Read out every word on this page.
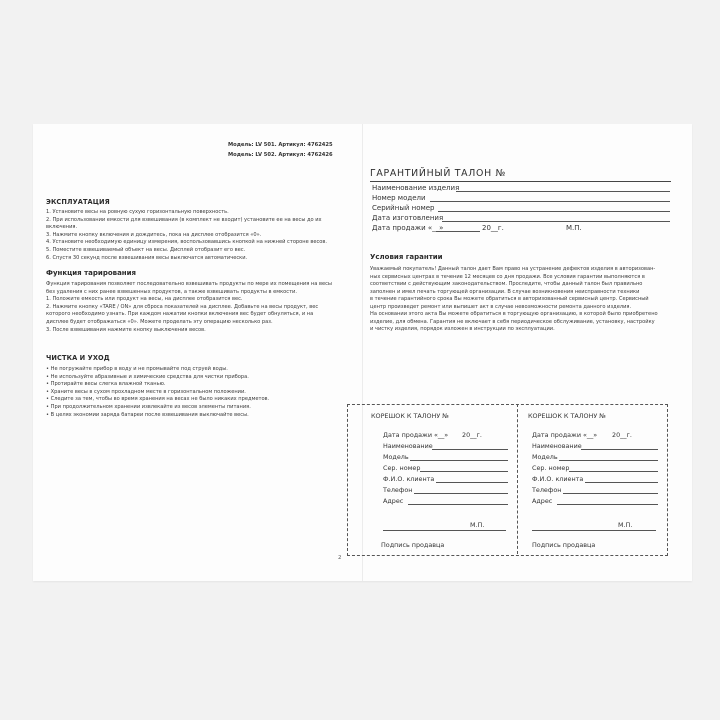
Модель: LV 501. Артикул: 4762425
Модель: LV 502. Артикул: 4762426
ЭКСПЛУАТАЦИЯ
1. Установите весы на ровную сухую горизонтальную поверхность.
2. При использовании емкости для взвешивания (в комплект не входит) установите ее на весы до их
включения.
3. Нажмите кнопку включения и дождитесь, пока на дисплее отобразится «0».
4. Установите необходимую единицу измерения, воспользовавшись кнопкой на нижней стороне весов.
5. Поместите взвешиваемый объект на весы. Дисплей отобразит его вес.
6. Спустя 30 секунд после взвешивания весы выключатся автоматически.
Функция тарирования
Функция тарирования позволяет последовательно взвешивать продукты по мере их помещения на весы
без удаления с них ранее взвешенных продуктов, а также взвешивать продукты в емкости.
1. Положите емкость или продукт на весы, на дисплее отобразится вес.
2. Нажмите кнопку «TARE / ON» для сброса показателей на дисплее. Добавьте на весы продукт, вес
которого необходимо узнать. При каждом нажатии кнопки включения вес будет обнуляться, и на
дисплее будет отображаться «0». Можете проделать эту операцию несколько раз.
3. После взвешивания нажмите кнопку выключения весов.
ЧИСТКА И УХОД
• Не погружайте прибор в воду и не промывайте под струей воды.
• Не используйте абразивные и химические средства для чистки прибора.
• Протирайте весы слегка влажной тканью.
• Храните весы в сухом прохладном месте в горизонтальном положении.
• Следите за тем, чтобы во время хранения на весах не было никаких предметов.
• При продолжительном хранении извлекайте из весов элементы питания.
• В целях экономии заряда батареи после взвешивания выключайте весы.
2
ГАРАНТИЙНЫЙ ТАЛОН №
Наименование изделия
Номер модели
Серийный номер
Дата изготовления
Дата продажи «__»	20__г.	М.П.
Условия гарантии
Уважаемый покупатель! Данный талон дает Вам право на устранение дефектов изделия в авторизован-
ных сервисных центрах в течение 12 месяцев со дня продажи. Все условия гарантии выполняются в
соответствии с действующим законодательством. Проследите, чтобы данный талон был правильно
заполнен и имел печать торгующей организации. В случае возникновения неисправности техники
в течение гарантийного срока Вы можете обратиться в авторизованный сервисный центр. Сервисный
центр произведет ремонт или выпишет акт в случае невозможности ремонта данного изделия.
На основании этого акта Вы можете обратиться в торгующую организацию, в которой было приобретено
изделие, для обмена. Гарантия не включает в себя периодическое обслуживание, установку, настройку
и чистку изделия, порядок изложен в инструкции по эксплуатации.
КОРЕШОК К ТАЛОНУ №
Дата продажи «__» 20__г.
Наименование
Модель
Сер. номер
Ф.И.О. клиента
Телефон
Адрес
М.П.
Подпись продавца
КОРЕШОК К ТАЛОНУ №
Дата продажи «__» 20__г.
Наименование
Модель
Сер. номер
Ф.И.О. клиента
Телефон
Адрес
М.П.
Подпись продавца
